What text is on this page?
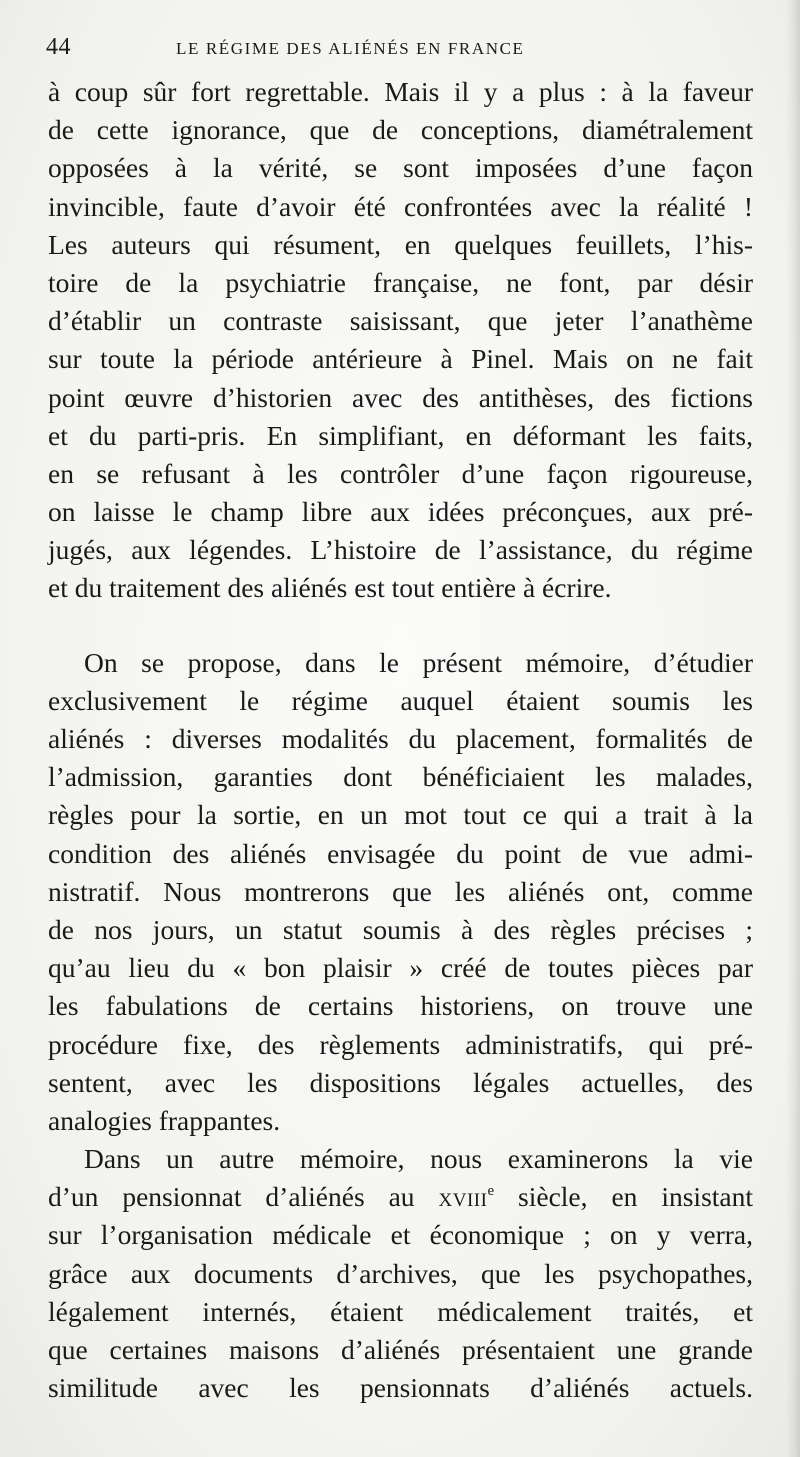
44	LE RÉGIME DES ALIÉNÉS EN FRANCE
à coup sûr fort regrettable. Mais il y a plus : à la faveur
de cette ignorance, que de conceptions, diamétralement
opposées à la vérité, se sont imposées d’une façon
invincible, faute d’avoir été confrontées avec la réalité !
Les auteurs qui résument, en quelques feuillets, l’his-
toire de la psychiatrie française, ne font, par désir
d’établir un contraste saisissant, que jeter l’anathème
sur toute la période antérieure à Pinel. Mais on ne fait
point œuvre d’historien avec des antithèses, des fictions
et du parti-pris. En simplifiant, en déformant les faits,
en se refusant à les contrôler d’une façon rigoureuse,
on laisse le champ libre aux idées préconçues, aux pré-
jugés, aux légendes. L’histoire de l’assistance, du régime
et du traitement des aliénés est tout entière à écrire.
On se propose, dans le présent mémoire, d’étudier
exclusivement le régime auquel étaient soumis les
aliénés : diverses modalités du placement, formalités de
l’admission, garanties dont bénéficiaient les malades,
règles pour la sortie, en un mot tout ce qui a trait à la
condition des aliénés envisagée du point de vue admi-
nistratif. Nous montrerons que les aliénés ont, comme
de nos jours, un statut soumis à des règles précises ;
qu’au lieu du « bon plaisir » créé de toutes pièces par
les fabulations de certains historiens, on trouve une
procédure fixe, des règlements administratifs, qui pré-
sentent, avec les dispositions légales actuelles, des
analogies frappantes.
Dans un autre mémoire, nous examinerons la vie
d’un pensionnat d’aliénés au xviii$^e$ siècle, en insistant
sur l’organisation médicale et économique ; on y verra,
grâce aux documents d’archives, que les psychopathes,
légalement internés, étaient médicalement traités, et
que certaines maisons d’aliénés présentaient une grande
similitude avec les pensionnats d’aliénés actuels.
